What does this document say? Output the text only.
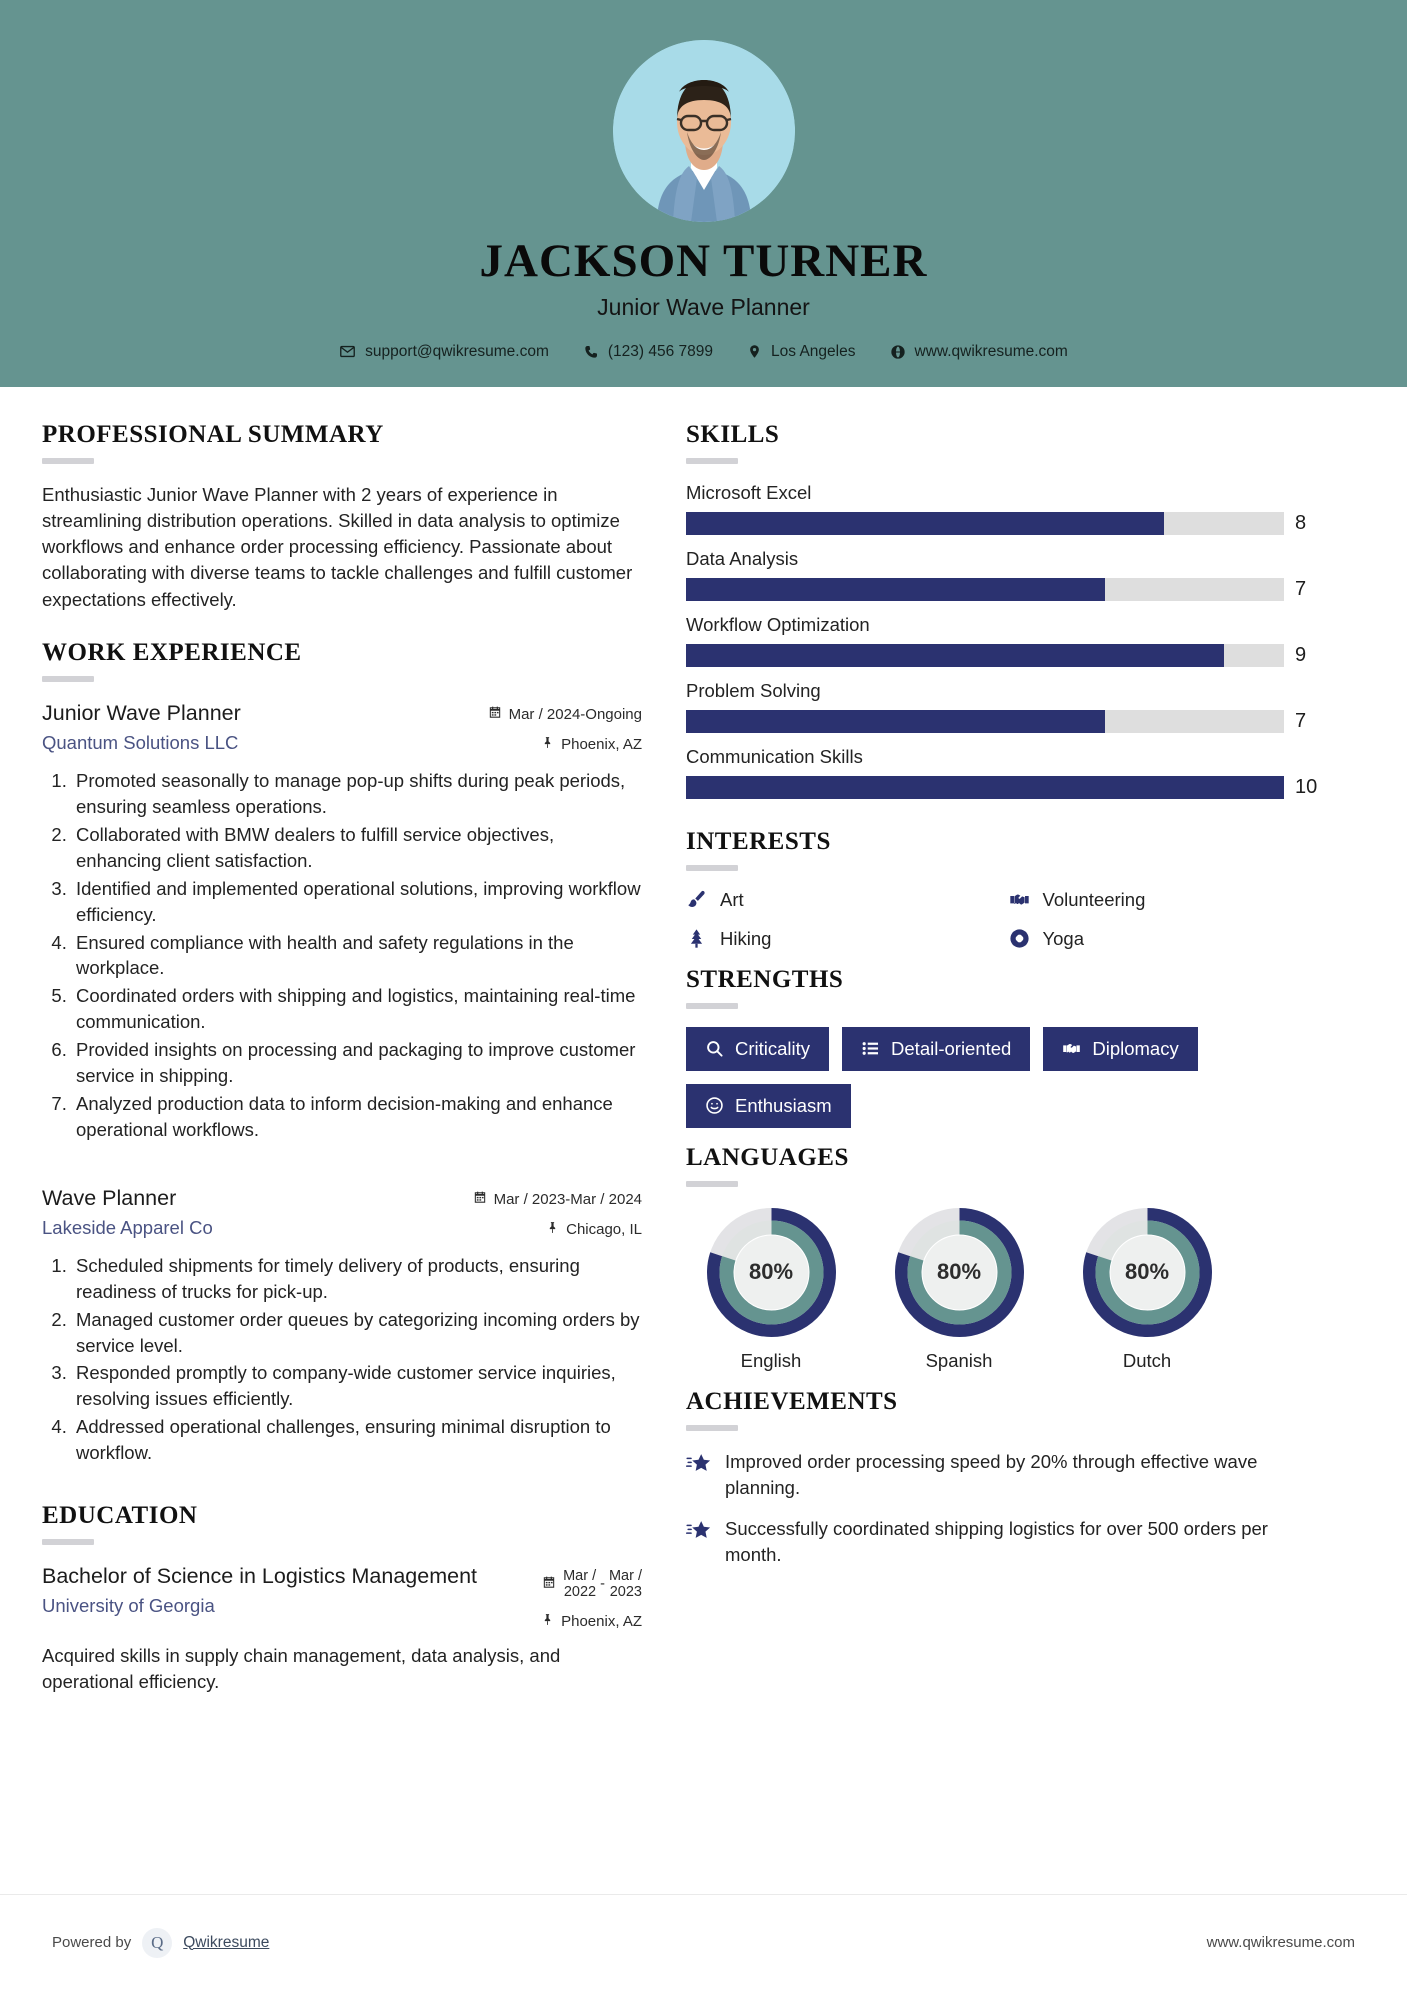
JACKSON TURNER
Junior Wave Planner
support@qwikresume.com	(123) 456 7899	Los Angeles	www.qwikresume.com
PROFESSIONAL SUMMARY
Enthusiastic Junior Wave Planner with 2 years of experience in streamlining distribution operations. Skilled in data analysis to optimize workflows and enhance order processing efficiency. Passionate about collaborating with diverse teams to tackle challenges and fulfill customer expectations effectively.
WORK EXPERIENCE
Junior Wave Planner
Quantum Solutions LLC
Mar / 2024-Ongoing
Phoenix, AZ
1. Promoted seasonally to manage pop-up shifts during peak periods, ensuring seamless operations.
2. Collaborated with BMW dealers to fulfill service objectives, enhancing client satisfaction.
3. Identified and implemented operational solutions, improving workflow efficiency.
4. Ensured compliance with health and safety regulations in the workplace.
5. Coordinated orders with shipping and logistics, maintaining real-time communication.
6. Provided insights on processing and packaging to improve customer service in shipping.
7. Analyzed production data to inform decision-making and enhance operational workflows.
Wave Planner
Lakeside Apparel Co
Mar / 2023-Mar / 2024
Chicago, IL
1. Scheduled shipments for timely delivery of products, ensuring readiness of trucks for pick-up.
2. Managed customer order queues by categorizing incoming orders by service level.
3. Responded promptly to company-wide customer service inquiries, resolving issues efficiently.
4. Addressed operational challenges, ensuring minimal disruption to workflow.
EDUCATION
Bachelor of Science in Logistics Management
University of Georgia
Mar /
2022
-
Mar /
2023
Phoenix, AZ
Acquired skills in supply chain management, data analysis, and operational efficiency.
SKILLS
Microsoft Excel
8
Data Analysis
7
Workflow Optimization
9
Problem Solving
7
Communication Skills
10
INTERESTS
Art	Volunteering
Hiking	Yoga
STRENGTHS
Criticality	Detail-oriented	Diplomacy
Enthusiasm
LANGUAGES
80%
English
80%
Spanish
80%
Dutch
ACHIEVEMENTS
Improved order processing speed by 20% through effective wave planning.
Successfully coordinated shipping logistics for over 500 orders per month.
Powered by	Q	Qwikresume	www.qwikresume.com
